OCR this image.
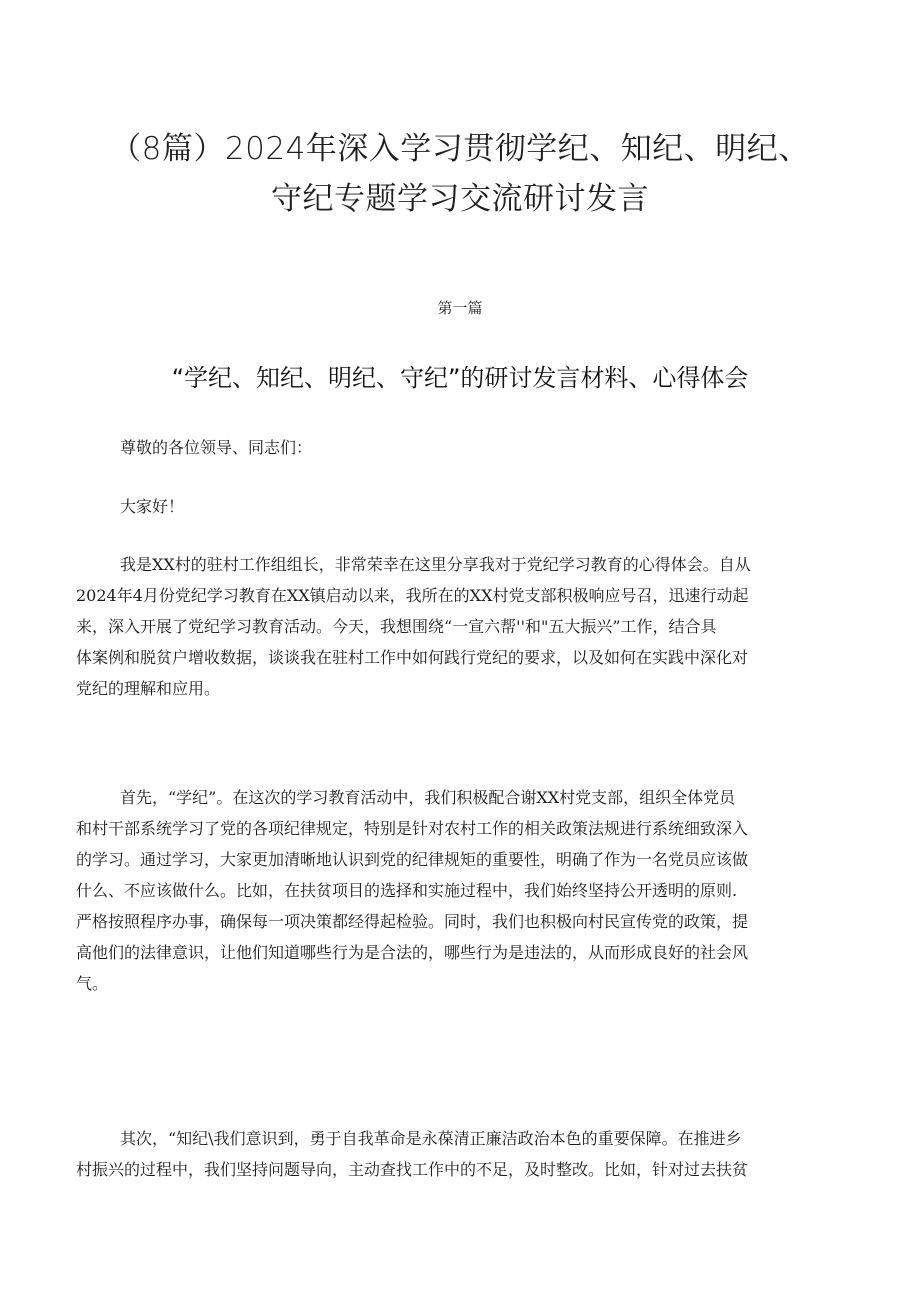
（8篇）2024年深入学习贯彻学纪、知纪、明纪、
守纪专题学习交流研讨发言
第一篇
“学纪、知纪、明纪、守纪”的研讨发言材料、心得体会

尊敬的各位领导、同志们：

大家好！

我是XX村的驻村工作组组长，非常荣幸在这里分享我对于党纪学习教育的心得体会。自从
2024年4月份党纪学习教育在XX镇启动以来，我所在的XX村党支部积极响应号召，迅速行动起
来，深入开展了党纪学习教育活动。今天，我想围绕“一宣六帮''和"五大振兴”工作，结合具
体案例和脱贫户增收数据，谈谈我在驻村工作中如何践行党纪的要求，以及如何在实践中深化对
党纪的理解和应用。
首先，“学纪”。在这次的学习教育活动中，我们积极配合谢XX村党支部，组织全体党员
和村干部系统学习了党的各项纪律规定，特别是针对农村工作的相关政策法规进行系统细致深入
的学习。通过学习，大家更加清晰地认识到党的纪律规矩的重要性，明确了作为一名党员应该做
什么、不应该做什么。比如，在扶贫项目的选择和实施过程中，我们始终坚持公开透明的原则.
严格按照程序办事，确保每一项决策都经得起检验。同时，我们也积极向村民宣传党的政策，提
高他们的法律意识，让他们知道哪些行为是合法的，哪些行为是违法的，从而形成良好的社会风
气。
其次，“知纪\我们意识到，勇于自我革命是永葆清正廉洁政治本色的重要保障。在推进乡
村振兴的过程中，我们坚持问题导向，主动查找工作中的不足，及时整改。比如，针对过去扶贫
